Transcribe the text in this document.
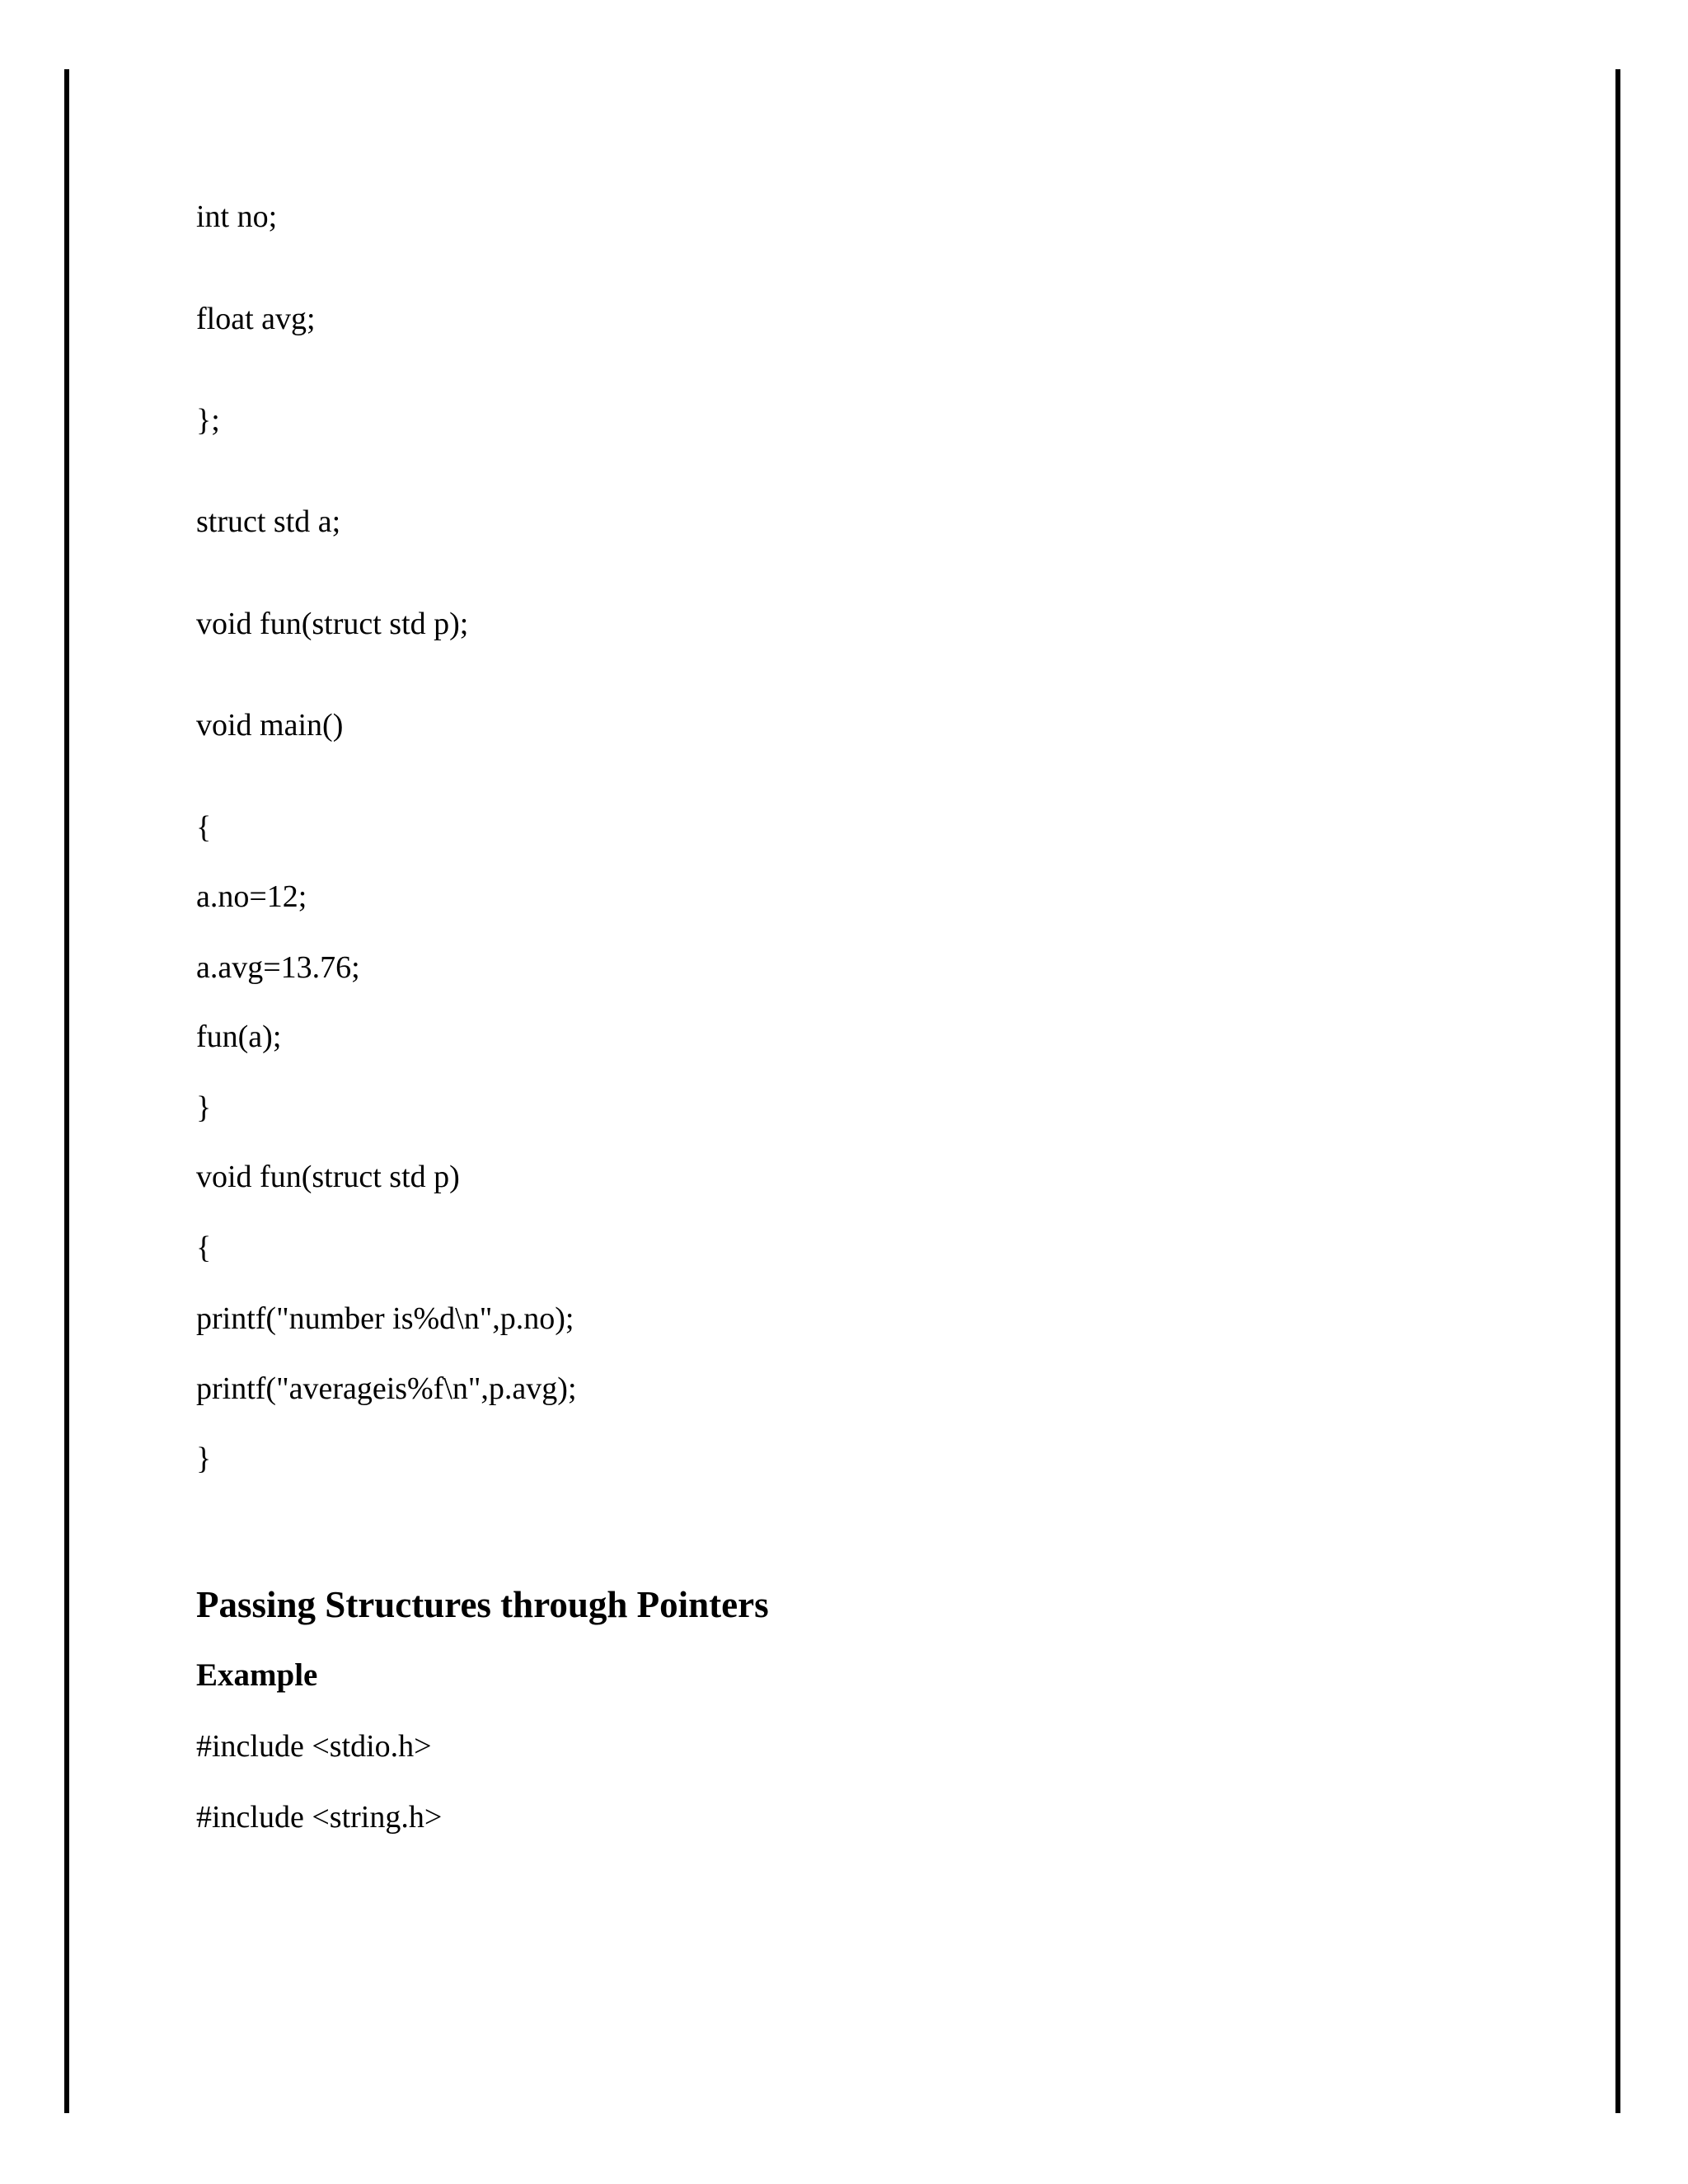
int no;
float avg;
};
struct std a;
void fun(struct std p);
void main()
{
a.no=12;
a.avg=13.76;
fun(a);
}
void fun(struct std p)
{
printf("number is%d\n",p.no);
printf("averageis%f\n",p.avg);
}
Passing Structures through Pointers
Example
#include <stdio.h>
#include <string.h>
